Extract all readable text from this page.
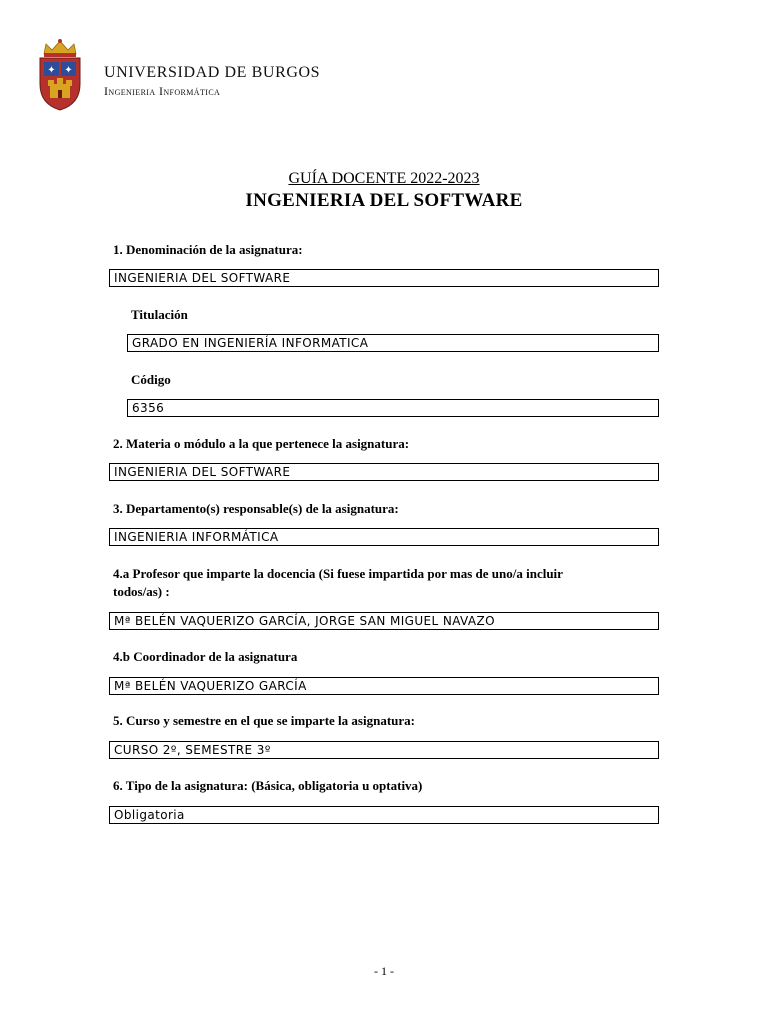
✦ ✦ UNIVERSIDAD DE BURGOS
Ingenieria Informática
GUÍA DOCENTE 2022-2023
INGENIERIA DEL SOFTWARE
1. Denominación de la asignatura:
INGENIERIA DEL SOFTWARE
Titulación
GRADO EN INGENIERÍA INFORMATICA
Código
6356
2. Materia o módulo a la que pertenece la asignatura:
INGENIERIA DEL SOFTWARE
3. Departamento(s) responsable(s) de la asignatura:
INGENIERIA INFORMÁTICA
4.a Profesor que imparte la docencia (Si fuese impartida por mas de uno/a incluir
todos/as) :
Mª BELÉN VAQUERIZO GARCÍA, JORGE SAN MIGUEL NAVAZO
4.b Coordinador de la asignatura
Mª BELÉN VAQUERIZO GARCÍA
5. Curso y semestre en el que se imparte la asignatura:
CURSO 2º, SEMESTRE 3º
6. Tipo de la asignatura: (Básica, obligatoria u optativa)
Obligatoria
- 1 -
